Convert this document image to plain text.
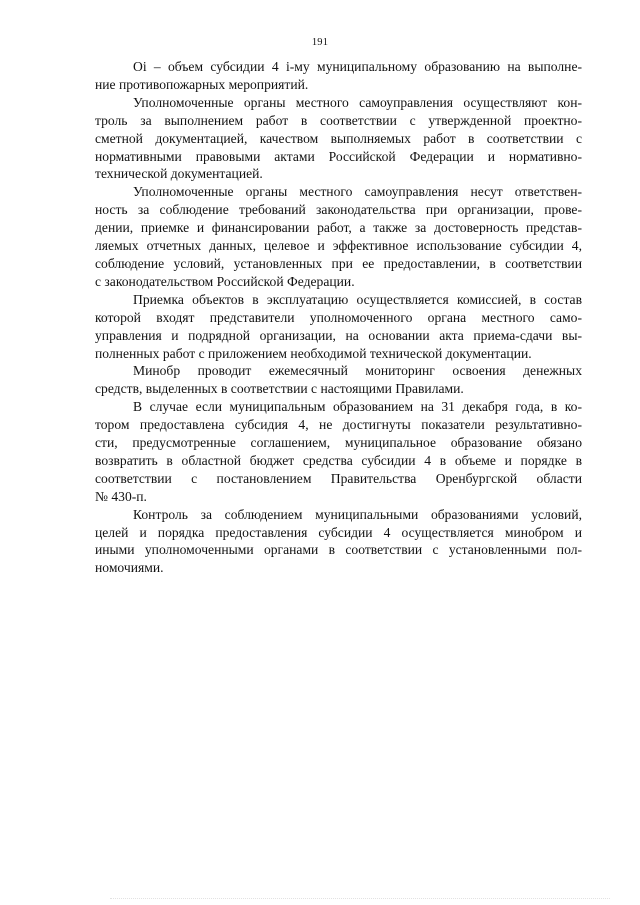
191

Oi – объем субсидии 4 i-му муниципальному образованию на выполне-
ние противопожарных мероприятий.

Уполномоченные органы местного самоуправления осуществляют кон-
троль за выполнением работ в соответствии с утвержденной проектно-
сметной документацией, качеством выполняемых работ в соответствии с
нормативными правовыми актами Российской Федерации и нормативно-
технической документацией.

Уполномоченные органы местного самоуправления несут ответствен-
ность за соблюдение требований законодательства при организации, прове-
дении, приемке и финансировании работ, а также за достоверность представ-
ляемых отчетных данных, целевое и эффективное использование субсидии 4,
соблюдение условий, установленных при ее предоставлении, в соответствии
с законодательством Российской Федерации.

Приемка объектов в эксплуатацию осуществляется комиссией, в состав
которой входят представители уполномоченного органа местного само-
управления и подрядной организации, на основании акта приема-сдачи вы-
полненных работ с приложением необходимой технической документации.

Минобр проводит ежемесячный мониторинг освоения денежных
средств, выделенных в соответствии с настоящими Правилами.

В случае если муниципальным образованием на 31 декабря года, в ко-
тором предоставлена субсидия 4, не достигнуты показатели результативно-
сти, предусмотренные соглашением, муниципальное образование обязано
возвратить в областной бюджет средства субсидии 4 в объеме и порядке в
соответствии с постановлением Правительства Оренбургской области
№ 430-п.

Контроль за соблюдением муниципальными образованиями условий,
целей и порядка предоставления субсидии 4 осуществляется минобром и
иными уполномоченными органами в соответствии с установленными пол-
номочиями.
